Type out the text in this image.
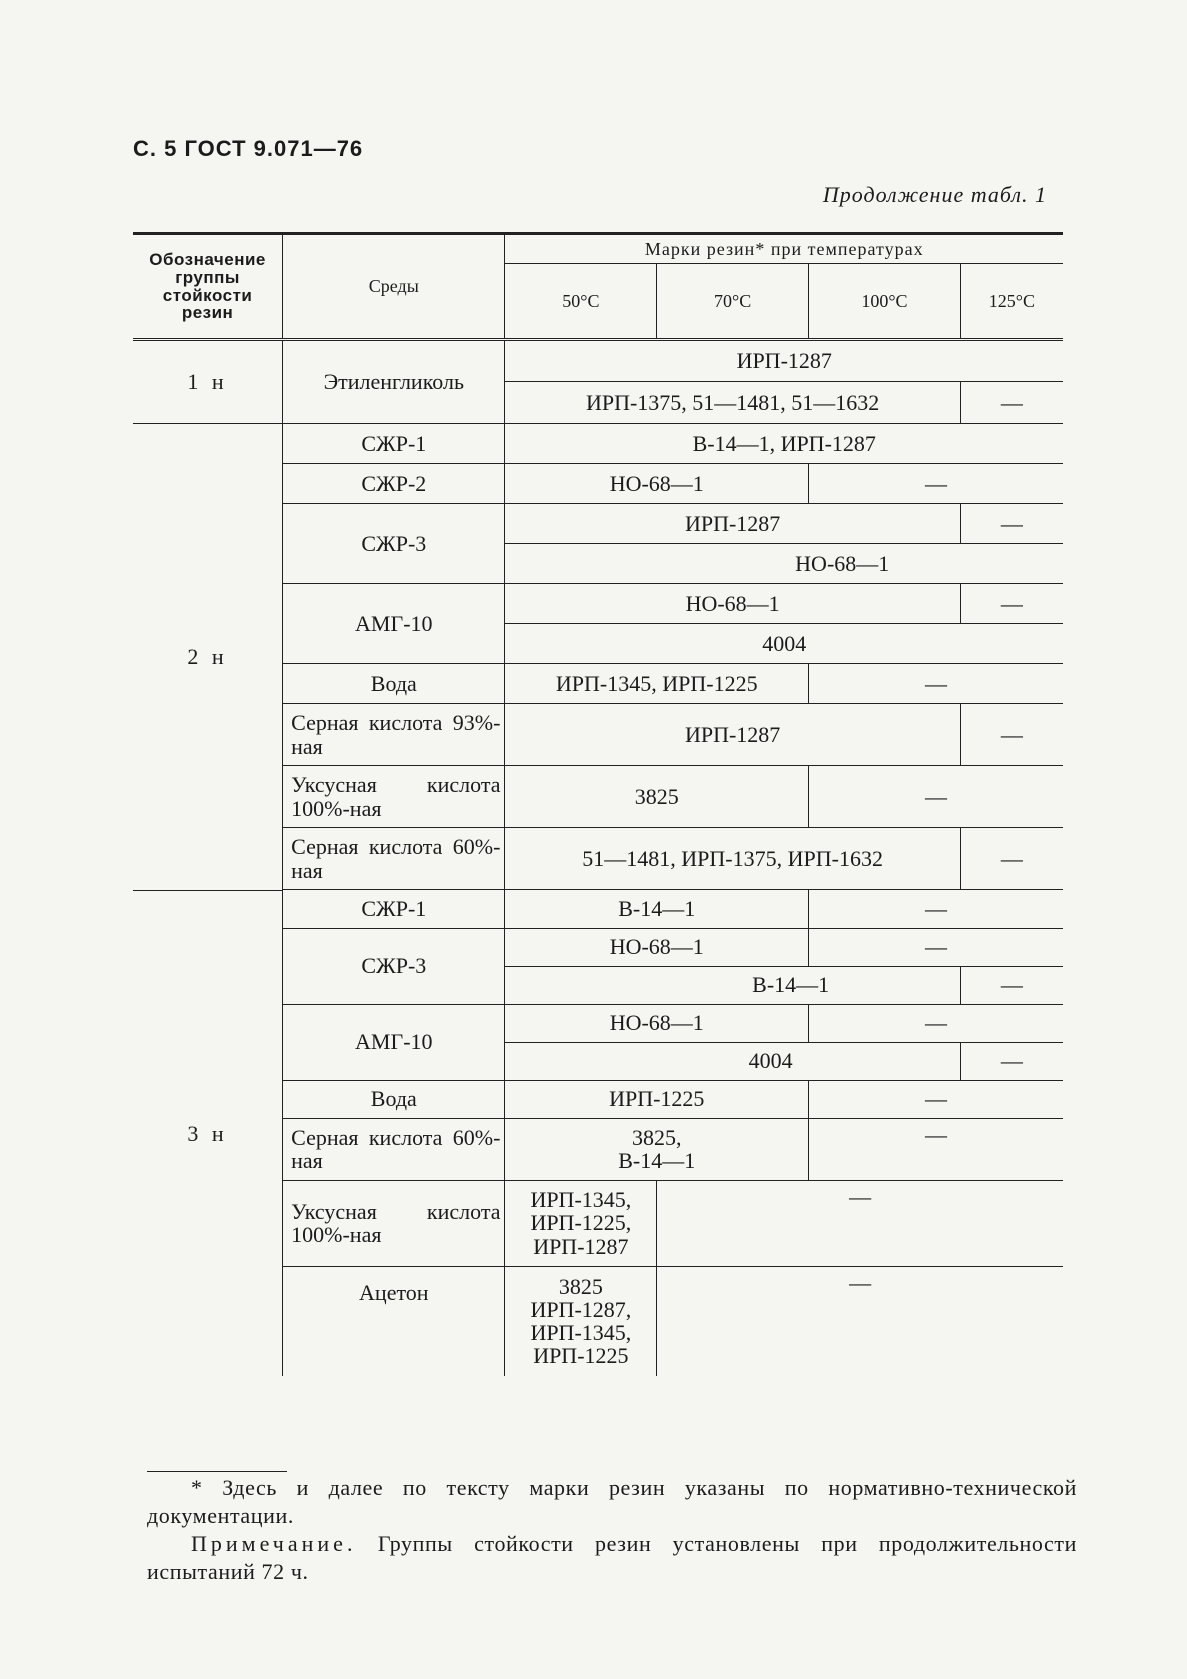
С. 5 ГОСТ 9.071—76
Продолжение табл. 1
Обозначение группы стойкости резин	Среды	Марки резин* при температурах			
		50°С	70°С	100°С	125°С
1 н	Этиленгликоль	ИРП-1287			
		ИРП-1375, 51—1481, 51—1632			—
2 н	СЖР-1	В-14—1, ИРП-1287			
	СЖР-2	НО-68—1		—	
	СЖР-3	ИРП-1287			—
		НО-68—1			
	АМГ-10	НО-68—1			—
		4004			
	Вода	ИРП-1345, ИРП-1225		—	
	Серная кислота 93%-ная	ИРП-1287			—
	Уксусная кислота 100%-ная	3825		—	
	Серная кислота 60%-ная	51—1481, ИРП-1375, ИРП-1632			—

3 н	СЖР-1	В-14—1		—	
	СЖР-3	НО-68—1		—	
		В-14—1			—
	АМГ-10	НО-68—1		—	
		4004			—
	Вода	ИРП-1225		—	
	Серная кислота 60%-ная	3825,
В-14—1		—	
	Уксусная кислота 100%-ная	ИРП-1345,
ИРП-1225,
ИРП-1287	—		
	Ацетон	3825
ИРП-1287,
ИРП-1345,
ИРП-1225	—		

* Здесь и далее по тексту марки резин указаны по нормативно-технической документации.

Примечание. Группы стойкости резин установлены при продолжительности испытаний 72 ч.
